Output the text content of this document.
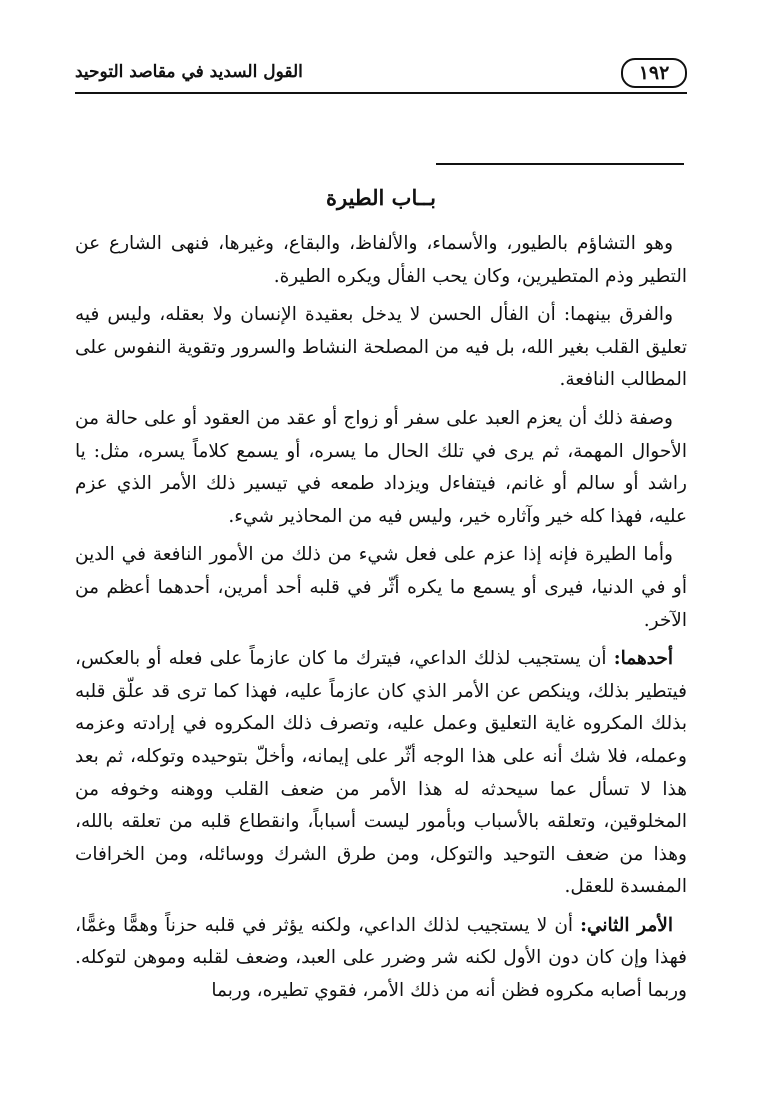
القول السديد في مقاصد التوحيد	١٩٢
بــاب الطيرة

وهو التشاؤم بالطيور، والأسماء، والألفاظ، والبقاع، وغيرها، فنهى الشارع عن التطير وذم المتطيرين، وكان يحب الفأل ويكره الطيرة.

والفرق بينهما: أن الفأل الحسن لا يدخل بعقيدة الإنسان ولا بعقله، وليس فيه تعليق القلب بغير الله، بل فيه من المصلحة النشاط والسرور وتقوية النفوس على المطالب النافعة.

وصفة ذلك أن يعزم العبد على سفر أو زواج أو عقد من العقود أو على حالة من الأحوال المهمة، ثم يرى في تلك الحال ما يسره، أو يسمع كلاماً يسره، مثل: يا راشد أو سالم أو غانم، فيتفاءل ويزداد طمعه في تيسير ذلك الأمر الذي عزم عليه، فهذا كله خير وآثاره خير، وليس فيه من المحاذير شيء.

وأما الطيرة فإنه إذا عزم على فعل شيء من ذلك من الأمور النافعة في الدين أو في الدنيا، فيرى أو يسمع ما يكره أثّر في قلبه أحد أمرين، أحدهما أعظم من الآخر.

أحدهما: أن يستجيب لذلك الداعي، فيترك ما كان عازماً على فعله أو بالعكس، فيتطير بذلك، وينكص عن الأمر الذي كان عازماً عليه، فهذا كما ترى قد علّق قلبه بذلك المكروه غاية التعليق وعمل عليه، وتصرف ذلك المكروه في إرادته وعزمه وعمله، فلا شك أنه على هذا الوجه أثّر على إيمانه، وأخلّ بتوحيده وتوكله، ثم بعد هذا لا تسأل عما سيحدثه له هذا الأمر من ضعف القلب ووهنه وخوفه من المخلوقين، وتعلقه بالأسباب وبأمور ليست أسباباً، وانقطاع قلبه من تعلقه بالله، وهذا من ضعف التوحيد والتوكل، ومن طرق الشرك ووسائله، ومن الخرافات المفسدة للعقل.

الأمر الثاني: أن لا يستجيب لذلك الداعي، ولكنه يؤثر في قلبه حزناً وهمًّا وغمًّا، فهذا وإن كان دون الأول لكنه شر وضرر على العبد، وضعف لقلبه وموهن لتوكله. وربما أصابه مكروه فظن أنه من ذلك الأمر، فقوي تطيره، وربما
